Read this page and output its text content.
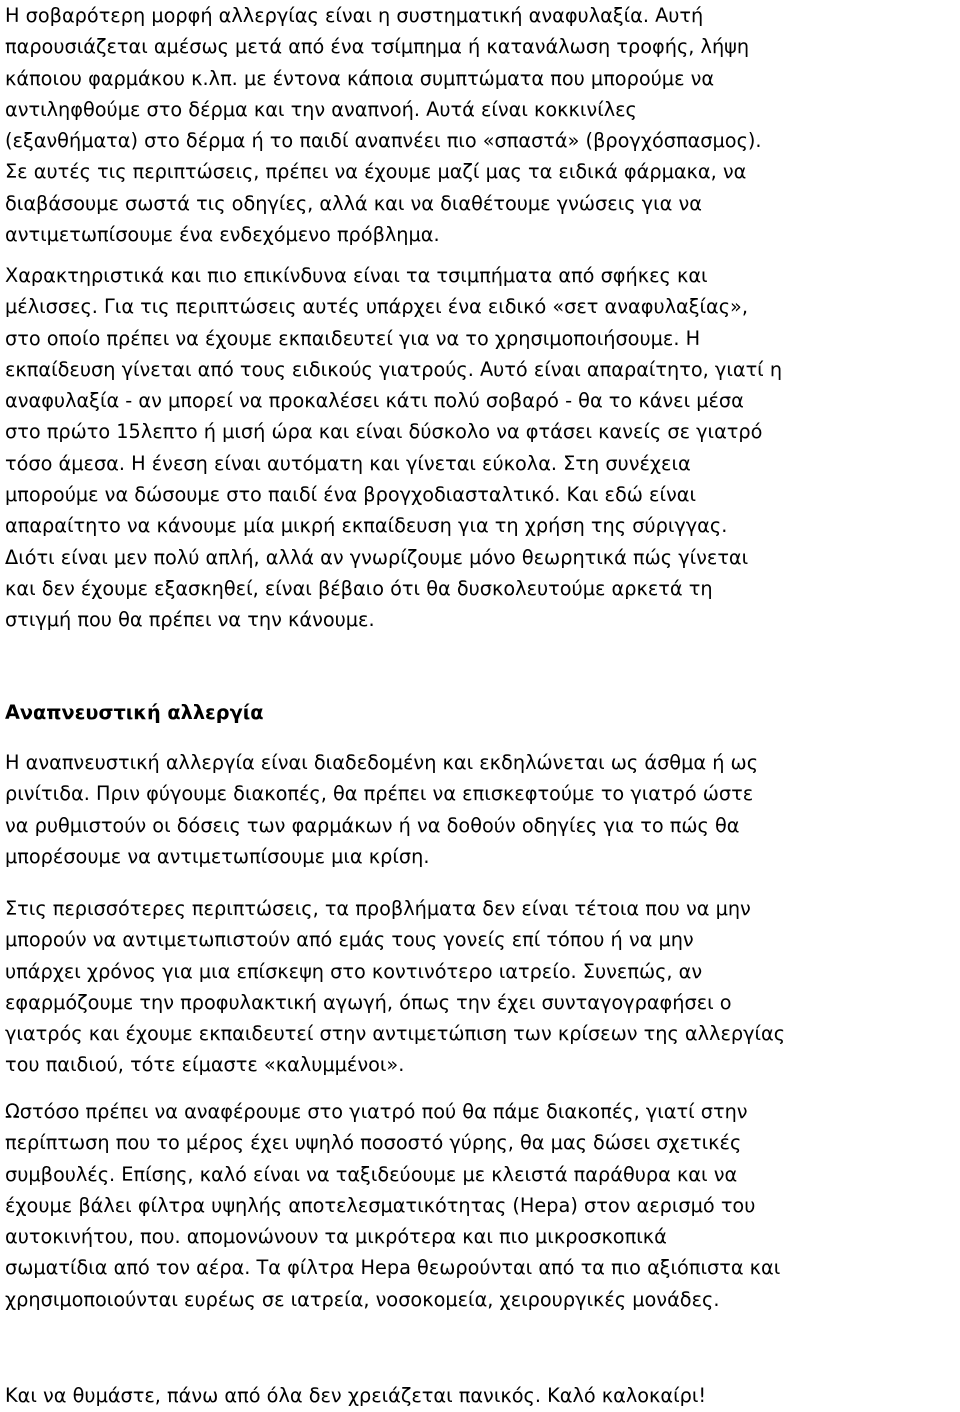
Η σοβαρότερη μορφή αλλεργίας είναι η συστηματική αναφυλαξία. Αυτή
παρουσιάζεται αμέσως μετά από ένα τσίμπημα ή κατανάλωση τροφής, λήψη
κάποιου φαρμάκου κ.λπ. με έντονα κάποια συμπτώματα που μπορούμε να
αντιληφθούμε στο δέρμα και την αναπνοή. Αυτά είναι κοκκινίλες
(εξανθήματα) στο δέρμα ή το παιδί αναπνέει πιο «σπαστά» (βρογχόσπασμος).
Σε αυτές τις περιπτώσεις, πρέπει να έχουμε μαζί μας τα ειδικά φάρμακα, να
διαβάσουμε σωστά τις οδηγίες, αλλά και να διαθέτουμε γνώσεις για να
αντιμετωπίσουμε ένα ενδεχόμενο πρόβλημα.

Χαρακτηριστικά και πιο επικίνδυνα είναι τα τσιμπήματα από σφήκες και
μέλισσες. Για τις περιπτώσεις αυτές υπάρχει ένα ειδικό «σετ αναφυλαξίας»,
στο οποίο πρέπει να έχουμε εκπαιδευτεί για να το χρησιμοποιήσουμε. Η
εκπαίδευση γίνεται από τους ειδικούς γιατρούς. Αυτό είναι απαραίτητο, γιατί η
αναφυλαξία - αν μπορεί να προκαλέσει κάτι πολύ σοβαρό - θα το κάνει μέσα
στο πρώτο 15λεπτο ή μισή ώρα και είναι δύσκολο να φτάσει κανείς σε γιατρό
τόσο άμεσα. Η ένεση είναι αυτόματη και γίνεται εύκολα. Στη συνέχεια
μπορούμε να δώσουμε στο παιδί ένα βρογχοδιασταλτικό. Και εδώ είναι
απαραίτητο να κάνουμε μία μικρή εκπαίδευση για τη χρήση της σύριγγας.
Διότι είναι μεν πολύ απλή, αλλά αν γνωρίζουμε μόνο θεωρητικά πώς γίνεται
και δεν έχουμε εξασκηθεί, είναι βέβαιο ότι θα δυσκολευτούμε αρκετά τη
στιγμή που θα πρέπει να την κάνουμε.

Αναπνευστική αλλεργία

Η αναπνευστική αλλεργία είναι διαδεδομένη και εκδηλώνεται ως άσθμα ή ως
ρινίτιδα. Πριν φύγουμε διακοπές, θα πρέπει να επισκεφτούμε το γιατρό ώστε
να ρυθμιστούν οι δόσεις των φαρμάκων ή να δοθούν οδηγίες για το πώς θα
μπορέσουμε να αντιμετωπίσουμε μια κρίση.

Στις περισσότερες περιπτώσεις, τα προβλήματα δεν είναι τέτοια που να μην
μπορούν να αντιμετωπιστούν από εμάς τους γονείς επί τόπου ή να μην
υπάρχει χρόνος για μια επίσκεψη στο κοντινότερο ιατρείο. Συνεπώς, αν
εφαρμόζουμε την προφυλακτική αγωγή, όπως την έχει συνταγογραφήσει ο
γιατρός και έχουμε εκπαιδευτεί στην αντιμετώπιση των κρίσεων της αλλεργίας
του παιδιού, τότε είμαστε «καλυμμένοι».

Ωστόσο πρέπει να αναφέρουμε στο γιατρό πού θα πάμε διακοπές, γιατί στην
περίπτωση που το μέρος έχει υψηλό ποσοστό γύρης, θα μας δώσει σχετικές
συμβουλές. Επίσης, καλό είναι να ταξιδεύουμε με κλειστά παράθυρα και να
έχουμε βάλει φίλτρα υψηλής αποτελεσματικότητας (Hepa) στον αερισμό του
αυτοκινήτου, που. απομονώνουν τα μικρότερα και πιο μικροσκοπικά
σωματίδια από τον αέρα. Τα φίλτρα Hepa θεωρούνται από τα πιο αξιόπιστα και
χρησιμοποιούνται ευρέως σε ιατρεία, νοσοκομεία, χειρουργικές μονάδες.

Και να θυμάστε, πάνω από όλα δεν χρειάζεται πανικός. Καλό καλοκαίρι!
